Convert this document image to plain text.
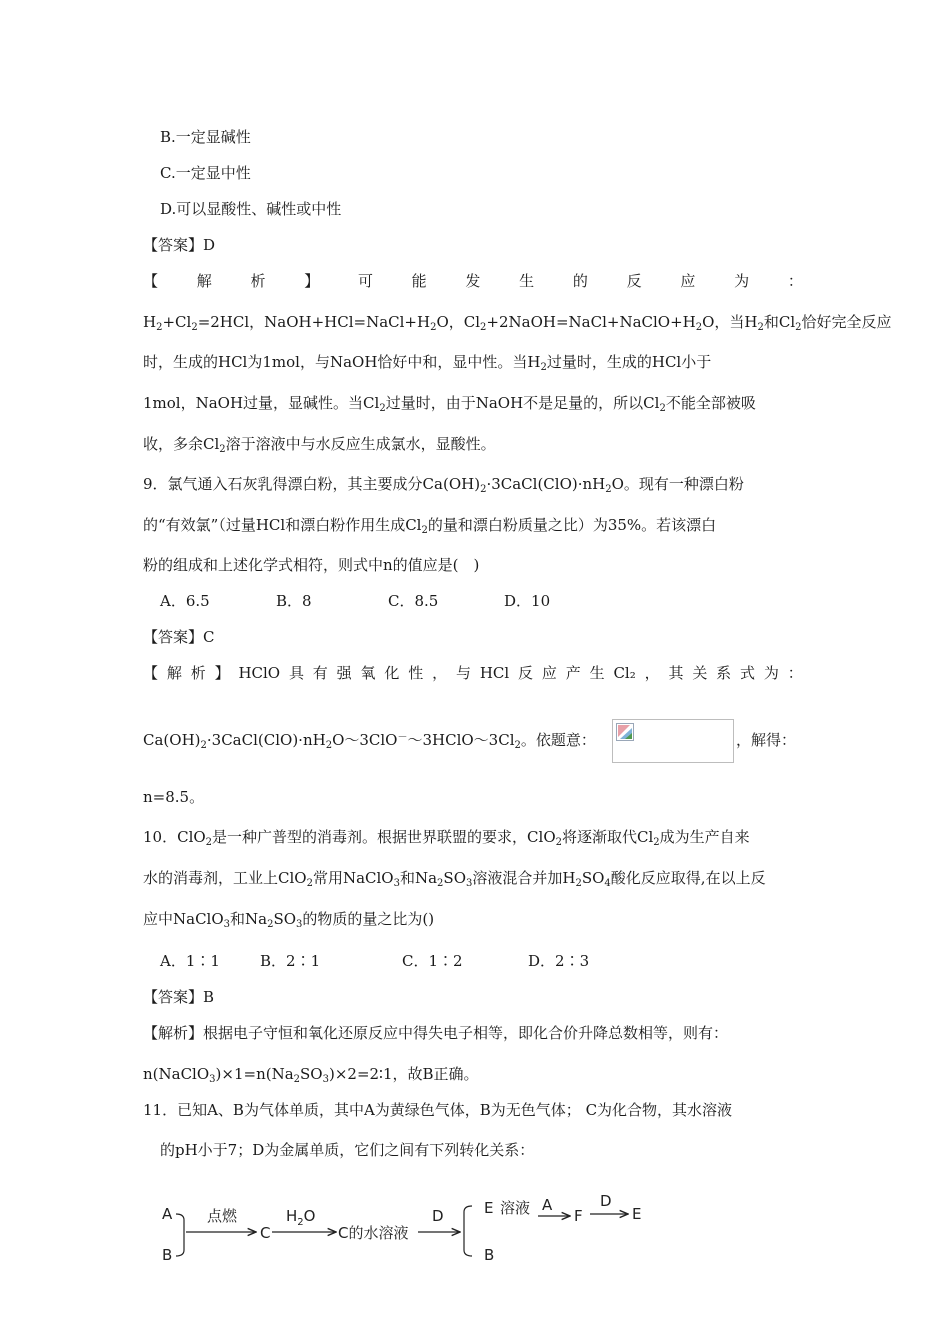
B.一定显碱性
C.一定显中性
D.可以显酸性、碱性或中性
【答案】D
【	解	析	】	可	能	发	生	的	反	应	为	：
$H_2+Cl_2=2HCl$，$NaOH+HCl=NaCl+H_2O$，$Cl_2+2NaOH=NaCl+NaClO+H_2O$，当$H_2$和$Cl_2$恰好完全反应
时，生成的HCl为1mol，与NaOH恰好中和，显中性。当$H_2$过量时，生成的HCl小于
1mol，NaOH过量，显碱性。当$Cl_2$过量时，由于NaOH不是足量的，所以$Cl_2$不能全部被吸
收，多余$Cl_2$溶于溶液中与水反应生成氯水，显酸性。
9．氯气通入石灰乳得漂白粉，其主要成分$Ca(OH)_2\cdot 3CaCl(ClO)\cdot nH_2O$。现有一种漂白粉
的“有效氯”（过量HCl和漂白粉作用生成$Cl_2$的量和漂白粉质量之比）为35%。若该漂白
粉的组成和上述化学式相符，则式中n的值应是(　)
A．6.5	B．8	C．8.5	D．10
【答案】C
【 解 析 】 HClO 具 有 强 氧 化 性 ， 与 HCl 反 应 产 生 Cl₂ ， 其 关 系 式 为 ：
$Ca(OH)_2\cdot 3CaCl(ClO)\cdot nH_2O\sim 3ClO^-\sim 3HClO\sim 3Cl_2$。依题意：	，解得：
n=8.5。
10．ClO$_2$是一种广普型的消毒剂。根据世界联盟的要求，ClO$_2$将逐渐取代$Cl_2$成为生产自来
水的消毒剂，工业上ClO$_2$常用NaClO$_3$和$Na_2SO_3$溶液混合并加$H_2SO_4$酸化反应取得,在以上反
应中NaClO$_3$和$Na_2SO_3$的物质的量之比为()
A．1∶1	B．2∶1	C．1∶2	D．2∶3
【答案】B
【解析】根据电子守恒和氧化还原反应中得失电子相等，即化合价升降总数相等，则有：
$n(NaClO_3)\times 1=n(Na_2SO_3)\times 2=2∶1$，故B正确。
11．已知A、B为气体单质，其中A为黄绿色气体，B为无色气体； C为化合物，其水溶液
的pH小于7；D为金属单质，它们之间有下列转化关系：
A
B
点燃
C
$H_2O$
C的水溶液
D	E 溶液 A
F
D
E
B
